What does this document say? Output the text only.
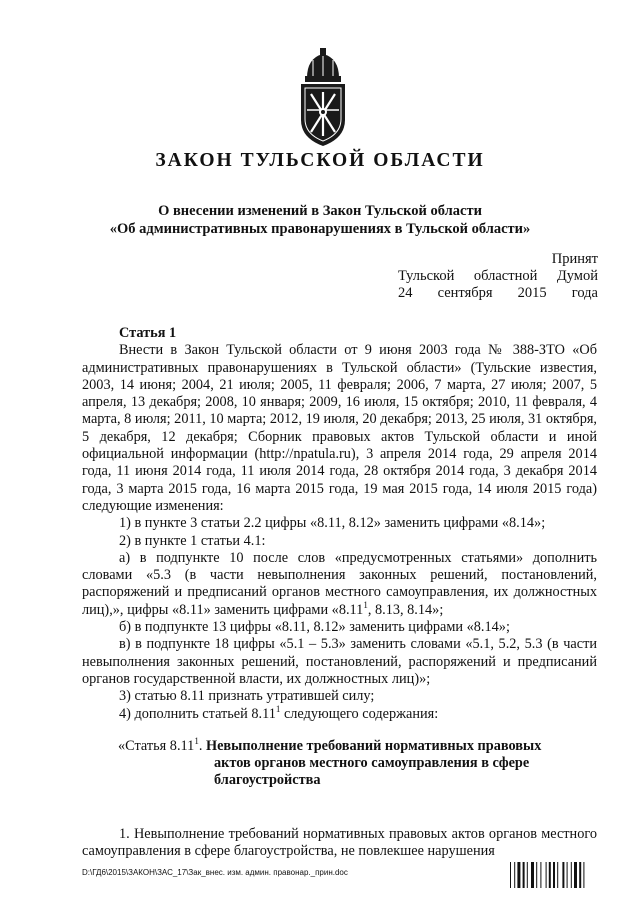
ЗАКОН ТУЛЬСКОЙ ОБЛАСТИ
О внесении изменений в Закон Тульской области
«Об административных правонарушениях в Тульской области»
Принят
Тульской областной Думой
24 сентября 2015 года

Статья 1

Внести в Закон Тульской области от 9 июня 2003 года № 388-ЗТО «Об административных правонарушениях в Тульской области» (Тульские известия, 2003, 14 июня; 2004, 21 июля; 2005, 11 февраля; 2006, 7 марта, 27 июля; 2007, 5 апреля, 13 декабря; 2008, 10 января; 2009, 16 июля, 15 октября; 2010, 11 февраля, 4 марта, 8 июля; 2011, 10 марта; 2012, 19 июля, 20 декабря; 2013, 25 июля, 31 октября, 5 декабря, 12 декабря; Сборник правовых актов Тульской области и иной официальной информации (http://npatula.ru), 3 апреля 2014 года, 29 апреля 2014 года, 11 июня 2014 года, 11 июля 2014 года, 28 октября 2014 года, 3 декабря 2014 года, 3 марта 2015 года, 16 марта 2015 года, 19 мая 2015 года, 14 июля 2015 года) следующие изменения:

1) в пункте 3 статьи 2.2 цифры «8.11, 8.12» заменить цифрами «8.14»;

2) в пункте 1 статьи 4.1:

а) в подпункте 10 после слов «предусмотренных статьями» дополнить словами «5.3 (в части невыполнения законных решений, постановлений, распоряжений и предписаний органов местного самоуправления, их должностных лиц),», цифры «8.11» заменить цифрами «8.11$^1$, 8.13, 8.14»;

б) в подпункте 13 цифры «8.11, 8.12» заменить цифрами «8.14»;

в) в подпункте 18 цифры «5.1 – 5.3» заменить словами «5.1, 5.2, 5.3 (в части невыполнения законных решений, постановлений, распоряжений и предписаний органов государственной власти, их должностных лиц)»;

3) статью 8.11 признать утратившей силу;

4) дополнить статьей 8.11$^1$ следующего содержания:

«Статья 8.11$^1$. Невыполнение требований нормативных правовых
актов органов местного самоуправления в сфере
благоустройства

1. Невыполнение требований нормативных правовых актов органов местного самоуправления в сфере благоустройства, не повлекшее нарушения

D:\ГД6\2015\ЗАКОН\ЗАС_17\Зак_внес. изм. админ. правонар._прин.doc
